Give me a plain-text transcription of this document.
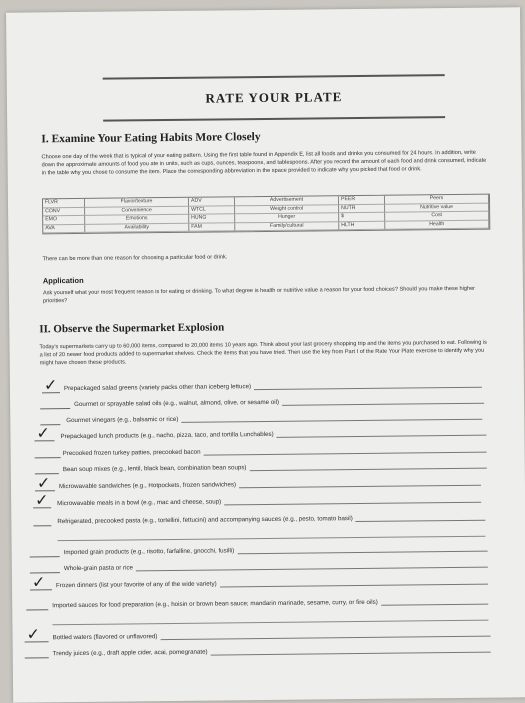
RATE YOUR PLATE
I. Examine Your Eating Habits More Closely
Choose one day of the week that is typical of your eating pattern. Using the first table found in Appendix E, list all foods and drinks you consumed for 24 hours. In addition, write down the approximate amounts of food you ate in units, such as cups, ounces, teaspoons, and tablespoons. After you record the amount of each food and drink consumed, indicate in the table why you chose to consume the item. Place the corresponding abbreviation in the space provided to indicate why you picked that food or drink.
FLVR	Flavor/texture	ADV	Advertisement	PEER	Peers
CONV	Convenience	WTCL	Weight control	NUTR	Nutritive value
EMO	Emotions	HUNG	Hunger	$	Cost
AVA	Availability	FAM	Family/cultural	HLTH	Health
There can be more than one reason for choosing a particular food or drink.
Application
Ask yourself what your most frequent reason is for eating or drinking. To what degree is health or nutritive value a reason for your food choices? Should you make these higher priorities?
II. Observe the Supermarket Explosion
Today's supermarkets carry up to 60,000 items, compared to 20,000 items 10 years ago. Think about your last grocery shopping trip and the items you purchased to eat. Following is a list of 20 newer food products added to supermarket shelves. Check the items that you have tried. Then use the key from Part I of the Rate Your Plate exercise to identify why you might have chosen these products.
✓ Prepackaged salad greens (variety packs other than iceberg lettuce)
Gourmet or sprayable salad oils (e.g., walnut, almond, olive, or sesame oil)
Gourmet vinegars (e.g., balsamic or rice)
✓ Prepackaged lunch products (e.g., nacho, pizza, taco, and tortilla Lunchables)
Precooked frozen turkey patties, precooked bacon
Bean soup mixes (e.g., lentil, black bean, combination bean soups)
✓ Microwavable sandwiches (e.g., Hotpockets, frozen sandwiches)
✓ Microwavable meals in a bowl (e.g., mac and cheese, soup)
Refrigerated, precooked pasta (e.g., tortellini, fettucini) and accompanying sauces (e.g., pesto, tomato basil)
Imported grain products (e.g., risotto, farfalline, gnocchi, fusilli)
Whole-grain pasta or rice
✓ Frozen dinners (list your favorite of any of the wide variety)
Imported sauces for food preparation (e.g., hoisin or brown bean sauce; mandarin marinade, sesame, curry, or fire oils)
✓ Bottled waters (flavored or unflavored)
Trendy juices (e.g., draft apple cider, acai, pomegranate)
